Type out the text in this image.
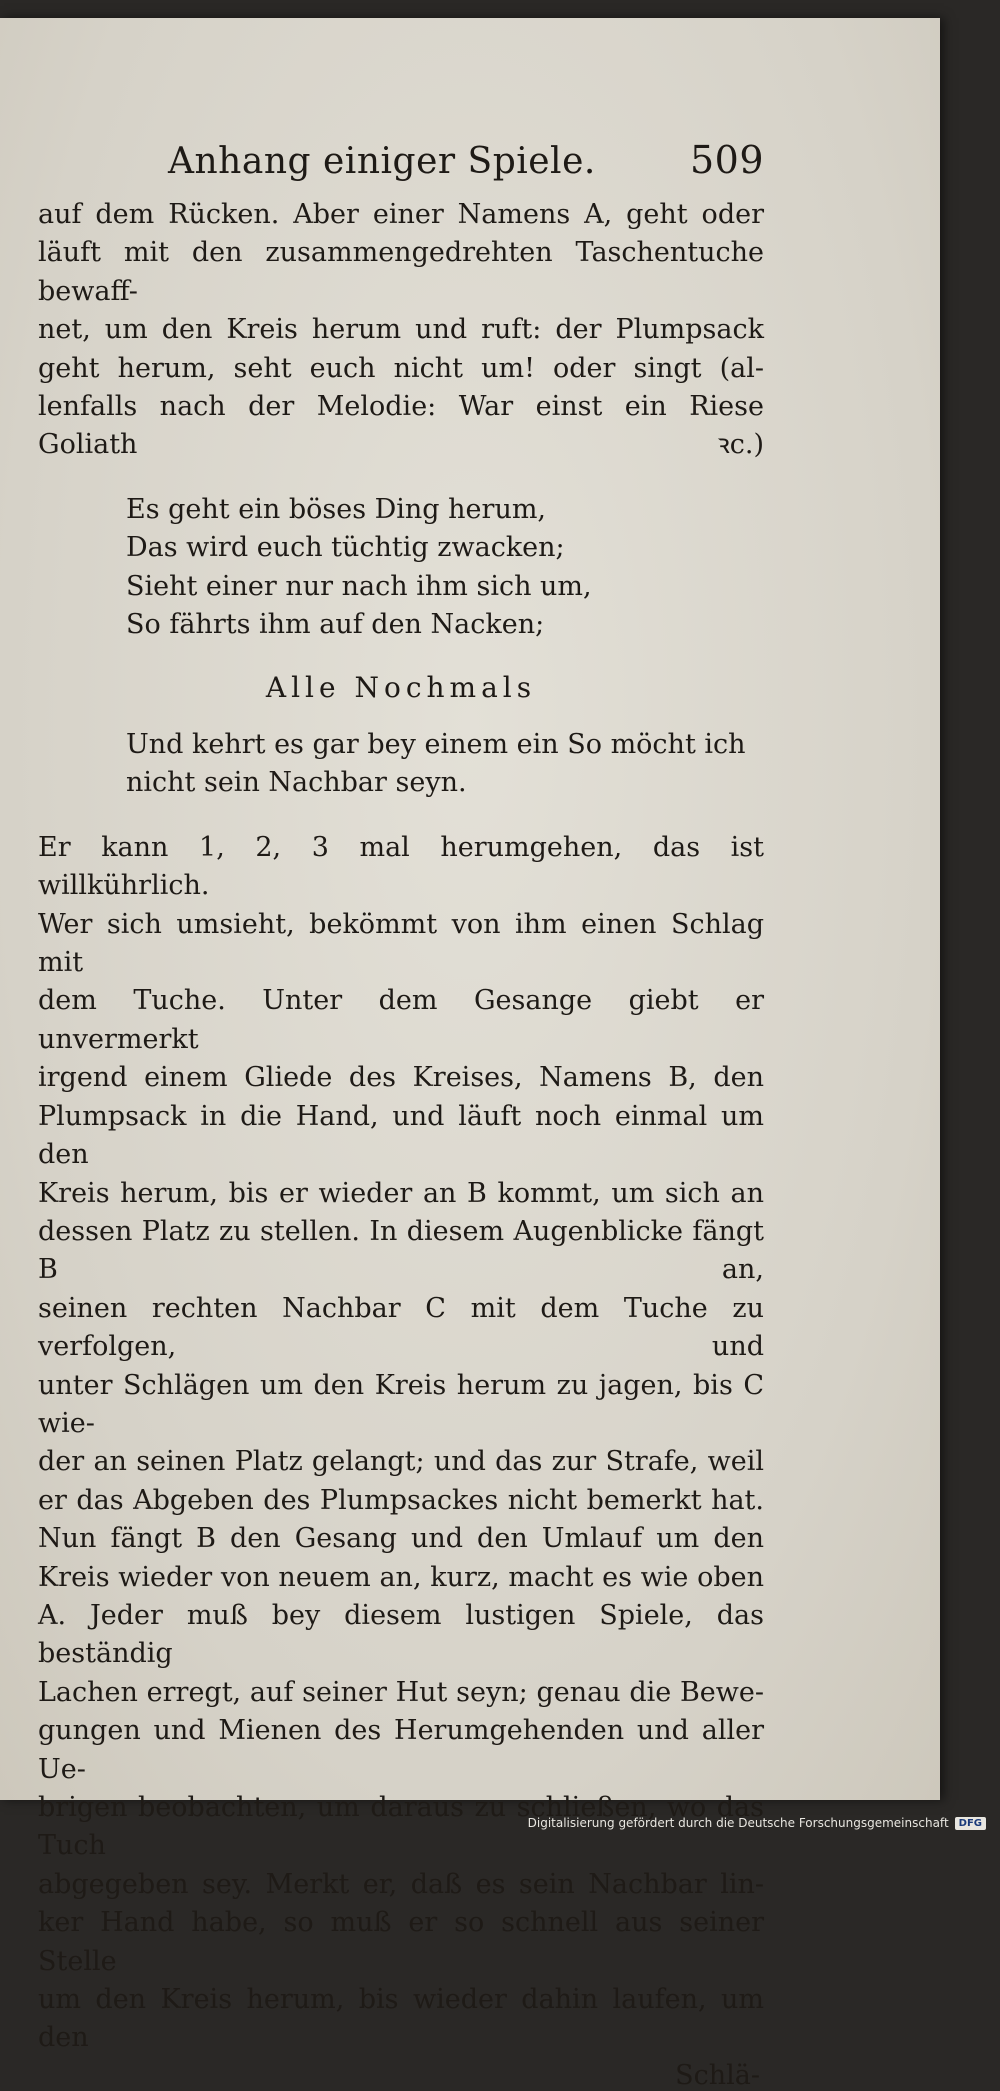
Anhang einiger Spiele. 509
auf dem Rücken. Aber einer Namens A, geht oder
läuft mit den zusammengedrehten Taschentuche bewaff-
net, um den Kreis herum und ruft: der Plumpsack
geht herum, seht euch nicht um! oder singt (al-
lenfalls nach der Melodie: War einst ein Riese Goliath ꝛc.)
Es geht ein böses Ding herum,
Das wird euch tüchtig zwacken;
Sieht einer nur nach ihm sich um,
So fährts ihm auf den Nacken;
Alle Nochmals
Und kehrt es gar bey einem ein So möcht ich nicht sein Nachbar seyn.
Er kann 1, 2, 3 mal herumgehen, das ist willkührlich.
Wer sich umsieht, bekömmt von ihm einen Schlag mit
dem Tuche. Unter dem Gesange giebt er unvermerkt
irgend einem Gliede des Kreises, Namens B, den
Plumpsack in die Hand, und läuft noch einmal um den
Kreis herum, bis er wieder an B kommt, um sich an
dessen Platz zu stellen. In diesem Augenblicke fängt B an,
seinen rechten Nachbar C mit dem Tuche zu verfolgen, und
unter Schlägen um den Kreis herum zu jagen, bis C wie-
der an seinen Platz gelangt; und das zur Strafe, weil
er das Abgeben des Plumpsackes nicht bemerkt hat.
Nun fängt B den Gesang und den Umlauf um den
Kreis wieder von neuem an, kurz, macht es wie oben
A. Jeder muß bey diesem lustigen Spiele, das beständig
Lachen erregt, auf seiner Hut seyn; genau die Bewe-
gungen und Mienen des Herumgehenden und aller Ue-
brigen beobachten, um daraus zu schließen, wo das Tuch
abgegeben sey. Merkt er, daß es sein Nachbar lin-
ker Hand habe, so muß er so schnell aus seiner Stelle
um den Kreis herum, bis wieder dahin laufen, um den
Schlä-
Digitalisierung gefördert durch die Deutsche Forschungsgemeinschaft	DFG
